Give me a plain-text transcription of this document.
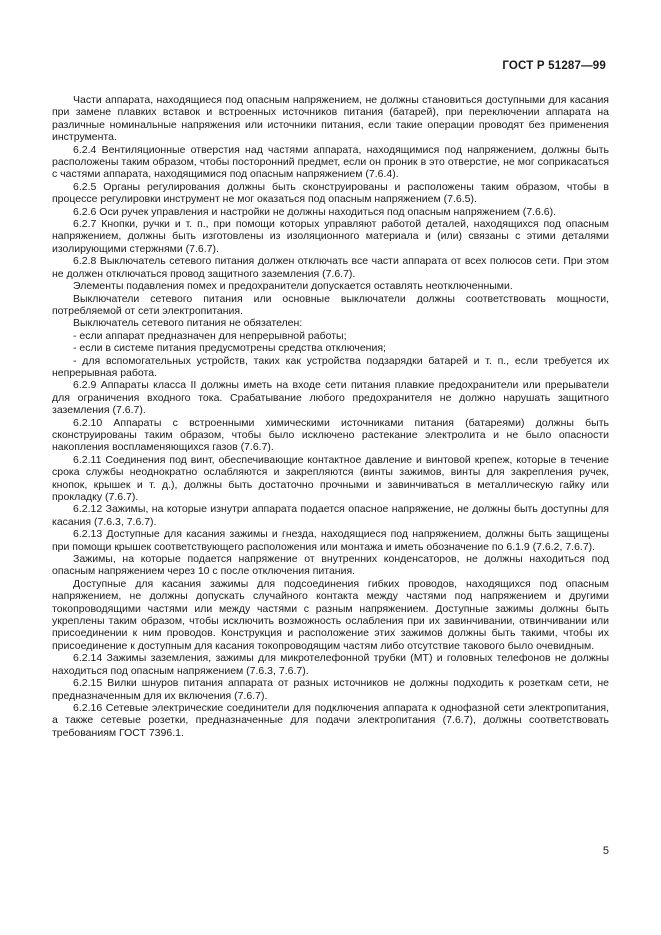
ГОСТ Р 51287—99

Части аппарата, находящиеся под опасным напряжением, не должны становиться доступными для касания при замене плавких вставок и встроенных источников питания (батарей), при переключении аппарата на различные номинальные напряжения или источники питания, если такие операции проводят без применения инструмента.

6.2.4 Вентиляционные отверстия над частями аппарата, находящимися под напряжением, должны быть расположены таким образом, чтобы посторонний предмет, если он проник в это отверстие, не мог соприкасаться с частями аппарата, находящимися под опасным напряжением (7.6.4).

6.2.5 Органы регулирования должны быть сконструированы и расположены таким образом, чтобы в процессе регулировки инструмент не мог оказаться под опасным напряжением (7.6.5).

6.2.6 Оси ручек управления и настройки не должны находиться под опасным напряжением (7.6.6).

6.2.7 Кнопки, ручки и т. п., при помощи которых управляют работой деталей, находящихся под опасным напряжением, должны быть изготовлены из изоляционного материала и (или) связаны с этими деталями изолирующими стержнями (7.6.7).

6.2.8 Выключатель сетевого питания должен отключать все части аппарата от всех полюсов сети. При этом не должен отключаться провод защитного заземления (7.6.7).

Элементы подавления помех и предохранители допускается оставлять неотключенными.

Выключатели сетевого питания или основные выключатели должны соответствовать мощности, потребляемой от сети электропитания.

Выключатель сетевого питания не обязателен:

- если аппарат предназначен для непрерывной работы;

- если в системе питания предусмотрены средства отключения;

- для вспомогательных устройств, таких как устройства подзарядки батарей и т. п., если требуется их непрерывная работа.

6.2.9 Аппараты класса II должны иметь на входе сети питания плавкие предохранители или прерыватели для ограничения входного тока. Срабатывание любого предохранителя не должно нарушать защитного заземления (7.6.7).

6.2.10 Аппараты с встроенными химическими источниками питания (батареями) должны быть сконструированы таким образом, чтобы было исключено растекание электролита и не было опасности накопления воспламеняющихся газов (7.6.7).

6.2.11 Соединения под винт, обеспечивающие контактное давление и винтовой крепеж, которые в течение срока службы неоднократно ослабляются и закрепляются (винты зажимов, винты для закрепления ручек, кнопок, крышек и т. д.), должны быть достаточно прочными и завинчиваться в металлическую гайку или прокладку (7.6.7).

6.2.12 Зажимы, на которые изнутри аппарата подается опасное напряжение, не должны быть доступны для касания (7.6.3, 7.6.7).

6.2.13 Доступные для касания зажимы и гнезда, находящиеся под напряжением, должны быть защищены при помощи крышек соответствующего расположения или монтажа и иметь обозначение по 6.1.9 (7.6.2, 7.6.7).

Зажимы, на которые подается напряжение от внутренних конденсаторов, не должны находиться под опасным напряжением через 10 с после отключения питания.

Доступные для касания зажимы для подсоединения гибких проводов, находящихся под опасным напряжением, не должны допускать случайного контакта между частями под напряжением и другими токопроводящими частями или между частями с разным напряжением. Доступные зажимы должны быть укреплены таким образом, чтобы исключить возможность ослабления при их завинчивании, отвинчивании или присоединении к ним проводов. Конструкция и расположение этих зажимов должны быть такими, чтобы их присоединение к доступным для касания токопроводящим частям либо отсутствие такового было очевидным.

6.2.14 Зажимы заземления, зажимы для микротелефонной трубки (МТ) и головных телефонов не должны находиться под опасным напряжением (7.6.3, 7.6.7).

6.2.15 Вилки шнуров питания аппарата от разных источников не должны подходить к розеткам сети, не предназначенным для их включения (7.6.7).

6.2.16 Сетевые электрические соединители для подключения аппарата к однофазной сети электропитания, а также сетевые розетки, предназначенные для подачи электропитания (7.6.7), должны соответствовать требованиям ГОСТ 7396.1.

5
